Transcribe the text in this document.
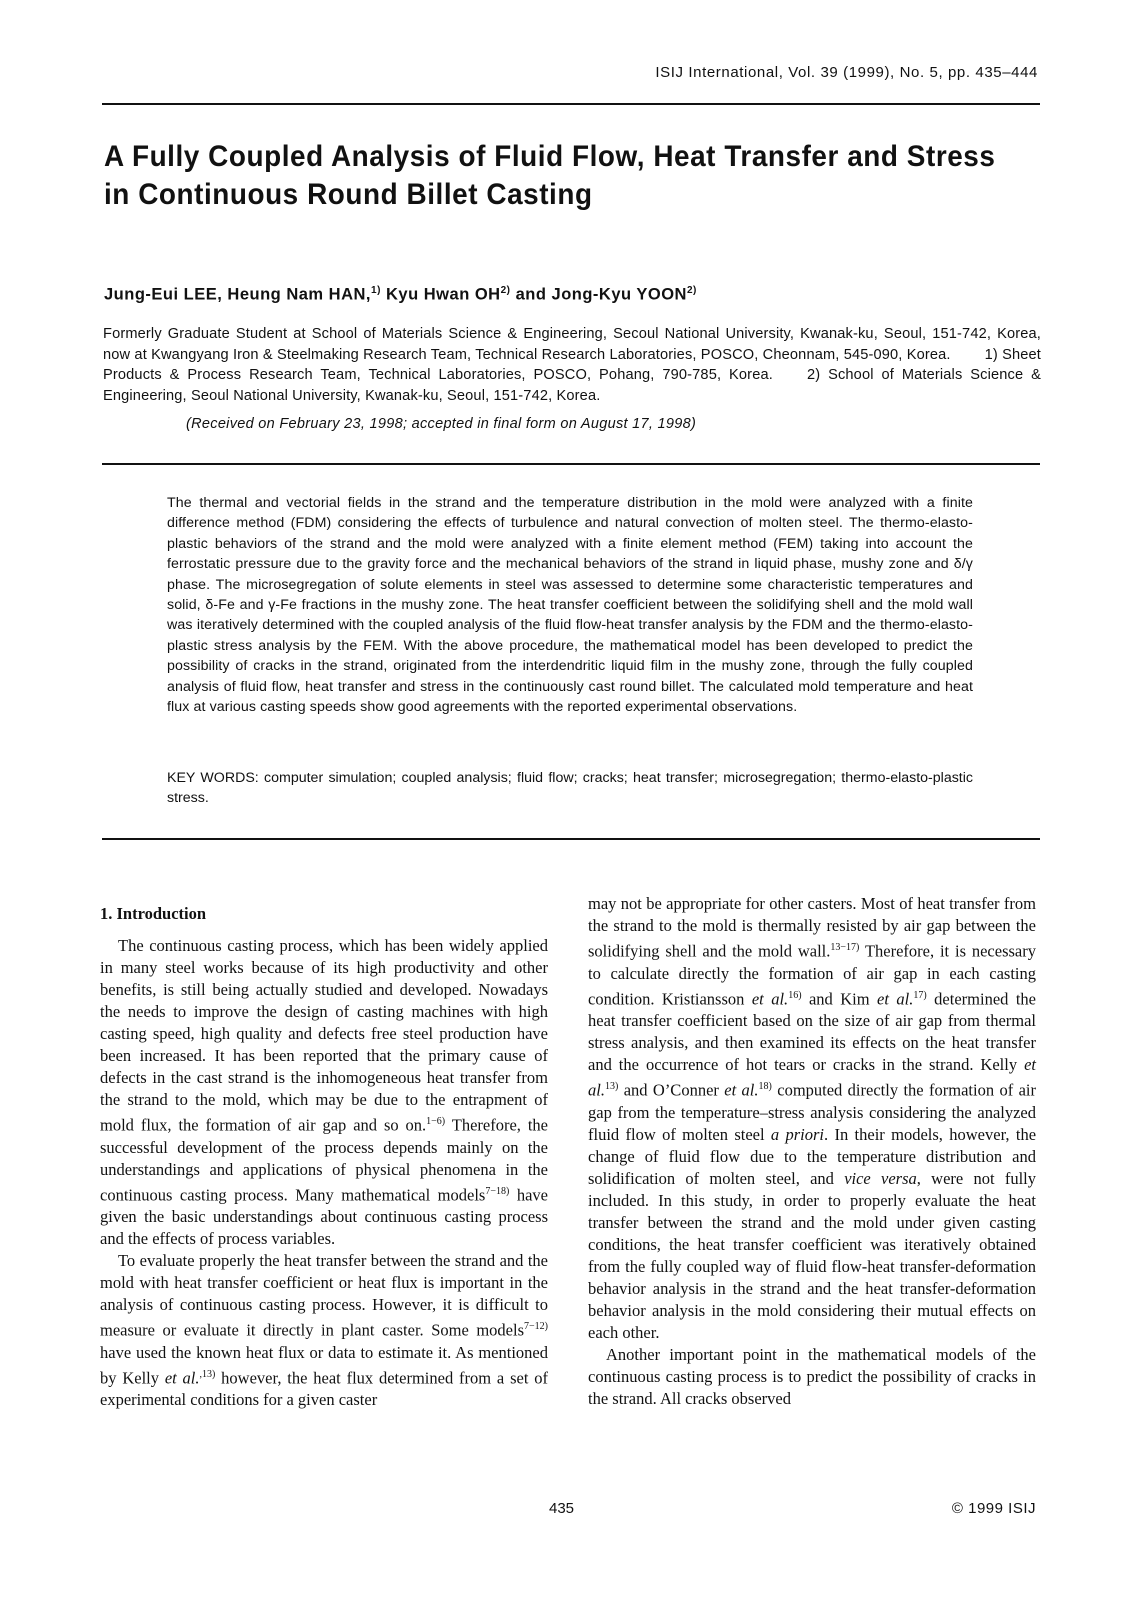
ISIJ International, Vol. 39 (1999), No. 5, pp. 435–444
A Fully Coupled Analysis of Fluid Flow, Heat Transfer and Stress
in Continuous Round Billet Casting
Jung-Eui LEE, Heung Nam HAN,$^{1)}$ Kyu Hwan OH$^{2)}$ and Jong-Kyu YOON$^{2)}$
Formerly Graduate Student at School of Materials Science & Engineering, Secoul National University, Kwanak-ku, Seoul, 151-742, Korea, now at Kwangyang Iron & Steelmaking Research Team, Technical Research Laboratories, POSCO, Cheonnam, 545-090, Korea. 1) Sheet Products & Process Research Team, Technical Laboratories, POSCO, Pohang, 790-785, Korea. 2) School of Materials Science & Engineering, Seoul National University, Kwanak-ku, Seoul, 151-742, Korea.
(Received on February 23, 1998; accepted in final form on August 17, 1998)
The thermal and vectorial fields in the strand and the temperature distribution in the mold were analyzed with a finite difference method (FDM) considering the effects of turbulence and natural convection of molten steel. The thermo-elasto-plastic behaviors of the strand and the mold were analyzed with a finite element method (FEM) taking into account the ferrostatic pressure due to the gravity force and the mechanical behaviors of the strand in liquid phase, mushy zone and δ/γ phase. The microsegregation of solute elements in steel was assessed to determine some characteristic temperatures and solid, δ-Fe and γ-Fe fractions in the mushy zone. The heat transfer coefficient between the solidifying shell and the mold wall was iteratively determined with the coupled analysis of the fluid flow-heat transfer analysis by the FDM and the thermo-elasto-plastic stress analysis by the FEM. With the above procedure, the mathematical model has been developed to predict the possibility of cracks in the strand, originated from the interdendritic liquid film in the mushy zone, through the fully coupled analysis of fluid flow, heat transfer and stress in the continuously cast round billet. The calculated mold temperature and heat flux at various casting speeds show good agreements with the reported experimental observations.
KEY WORDS: computer simulation; coupled analysis; fluid flow; cracks; heat transfer; microsegregation; thermo-elasto-plastic stress.

1. Introduction

The continuous casting process, which has been widely applied in many steel works because of its high productivity and other benefits, is still being actually studied and developed. Nowadays the needs to improve the design of casting machines with high casting speed, high quality and defects free steel production have been increased. It has been reported that the primary cause of defects in the cast strand is the inhomogeneous heat transfer from the strand to the mold, which may be due to the entrapment of mold flux, the formation of air gap and so on.$^{1-6)}$ Therefore, the successful development of the process depends mainly on the understandings and applications of physical phenomena in the continuous casting process. Many mathematical models$^{7-18)}$ have given the basic understandings about continuous casting process and the effects of process variables.

To evaluate properly the heat transfer between the strand and the mold with heat transfer coefficient or heat flux is important in the analysis of continuous casting process. However, it is difficult to measure or evaluate it directly in plant caster. Some models$^{7-12)}$ have used the known heat flux or data to estimate it. As mentioned by Kelly et al.$^{,13)}$ however, the heat flux determined from a set of experimental conditions for a given caster

may not be appropriate for other casters. Most of heat transfer from the strand to the mold is thermally resisted by air gap between the solidifying shell and the mold wall.$^{13-17)}$ Therefore, it is necessary to calculate directly the formation of air gap in each casting condition. Kristiansson et al.$^{16)}$ and Kim et al.$^{17)}$ determined the heat transfer coefficient based on the size of air gap from thermal stress analysis, and then examined its effects on the heat transfer and the occurrence of hot tears or cracks in the strand. Kelly et al.$^{13)}$ and O’Conner et al.$^{18)}$ computed directly the formation of air gap from the temperature–stress analysis considering the analyzed fluid flow of molten steel a priori. In their models, however, the change of fluid flow due to the temperature distribution and solidification of molten steel, and vice versa, were not fully included. In this study, in order to properly evaluate the heat transfer between the strand and the mold under given casting conditions, the heat transfer coefficient was iteratively obtained from the fully coupled way of fluid flow-heat transfer-deformation behavior analysis in the strand and the heat transfer-deformation behavior analysis in the mold considering their mutual effects on each other.

Another important point in the mathematical models of the continuous casting process is to predict the possibility of cracks in the strand. All cracks observed

435	© 1999 ISIJ
